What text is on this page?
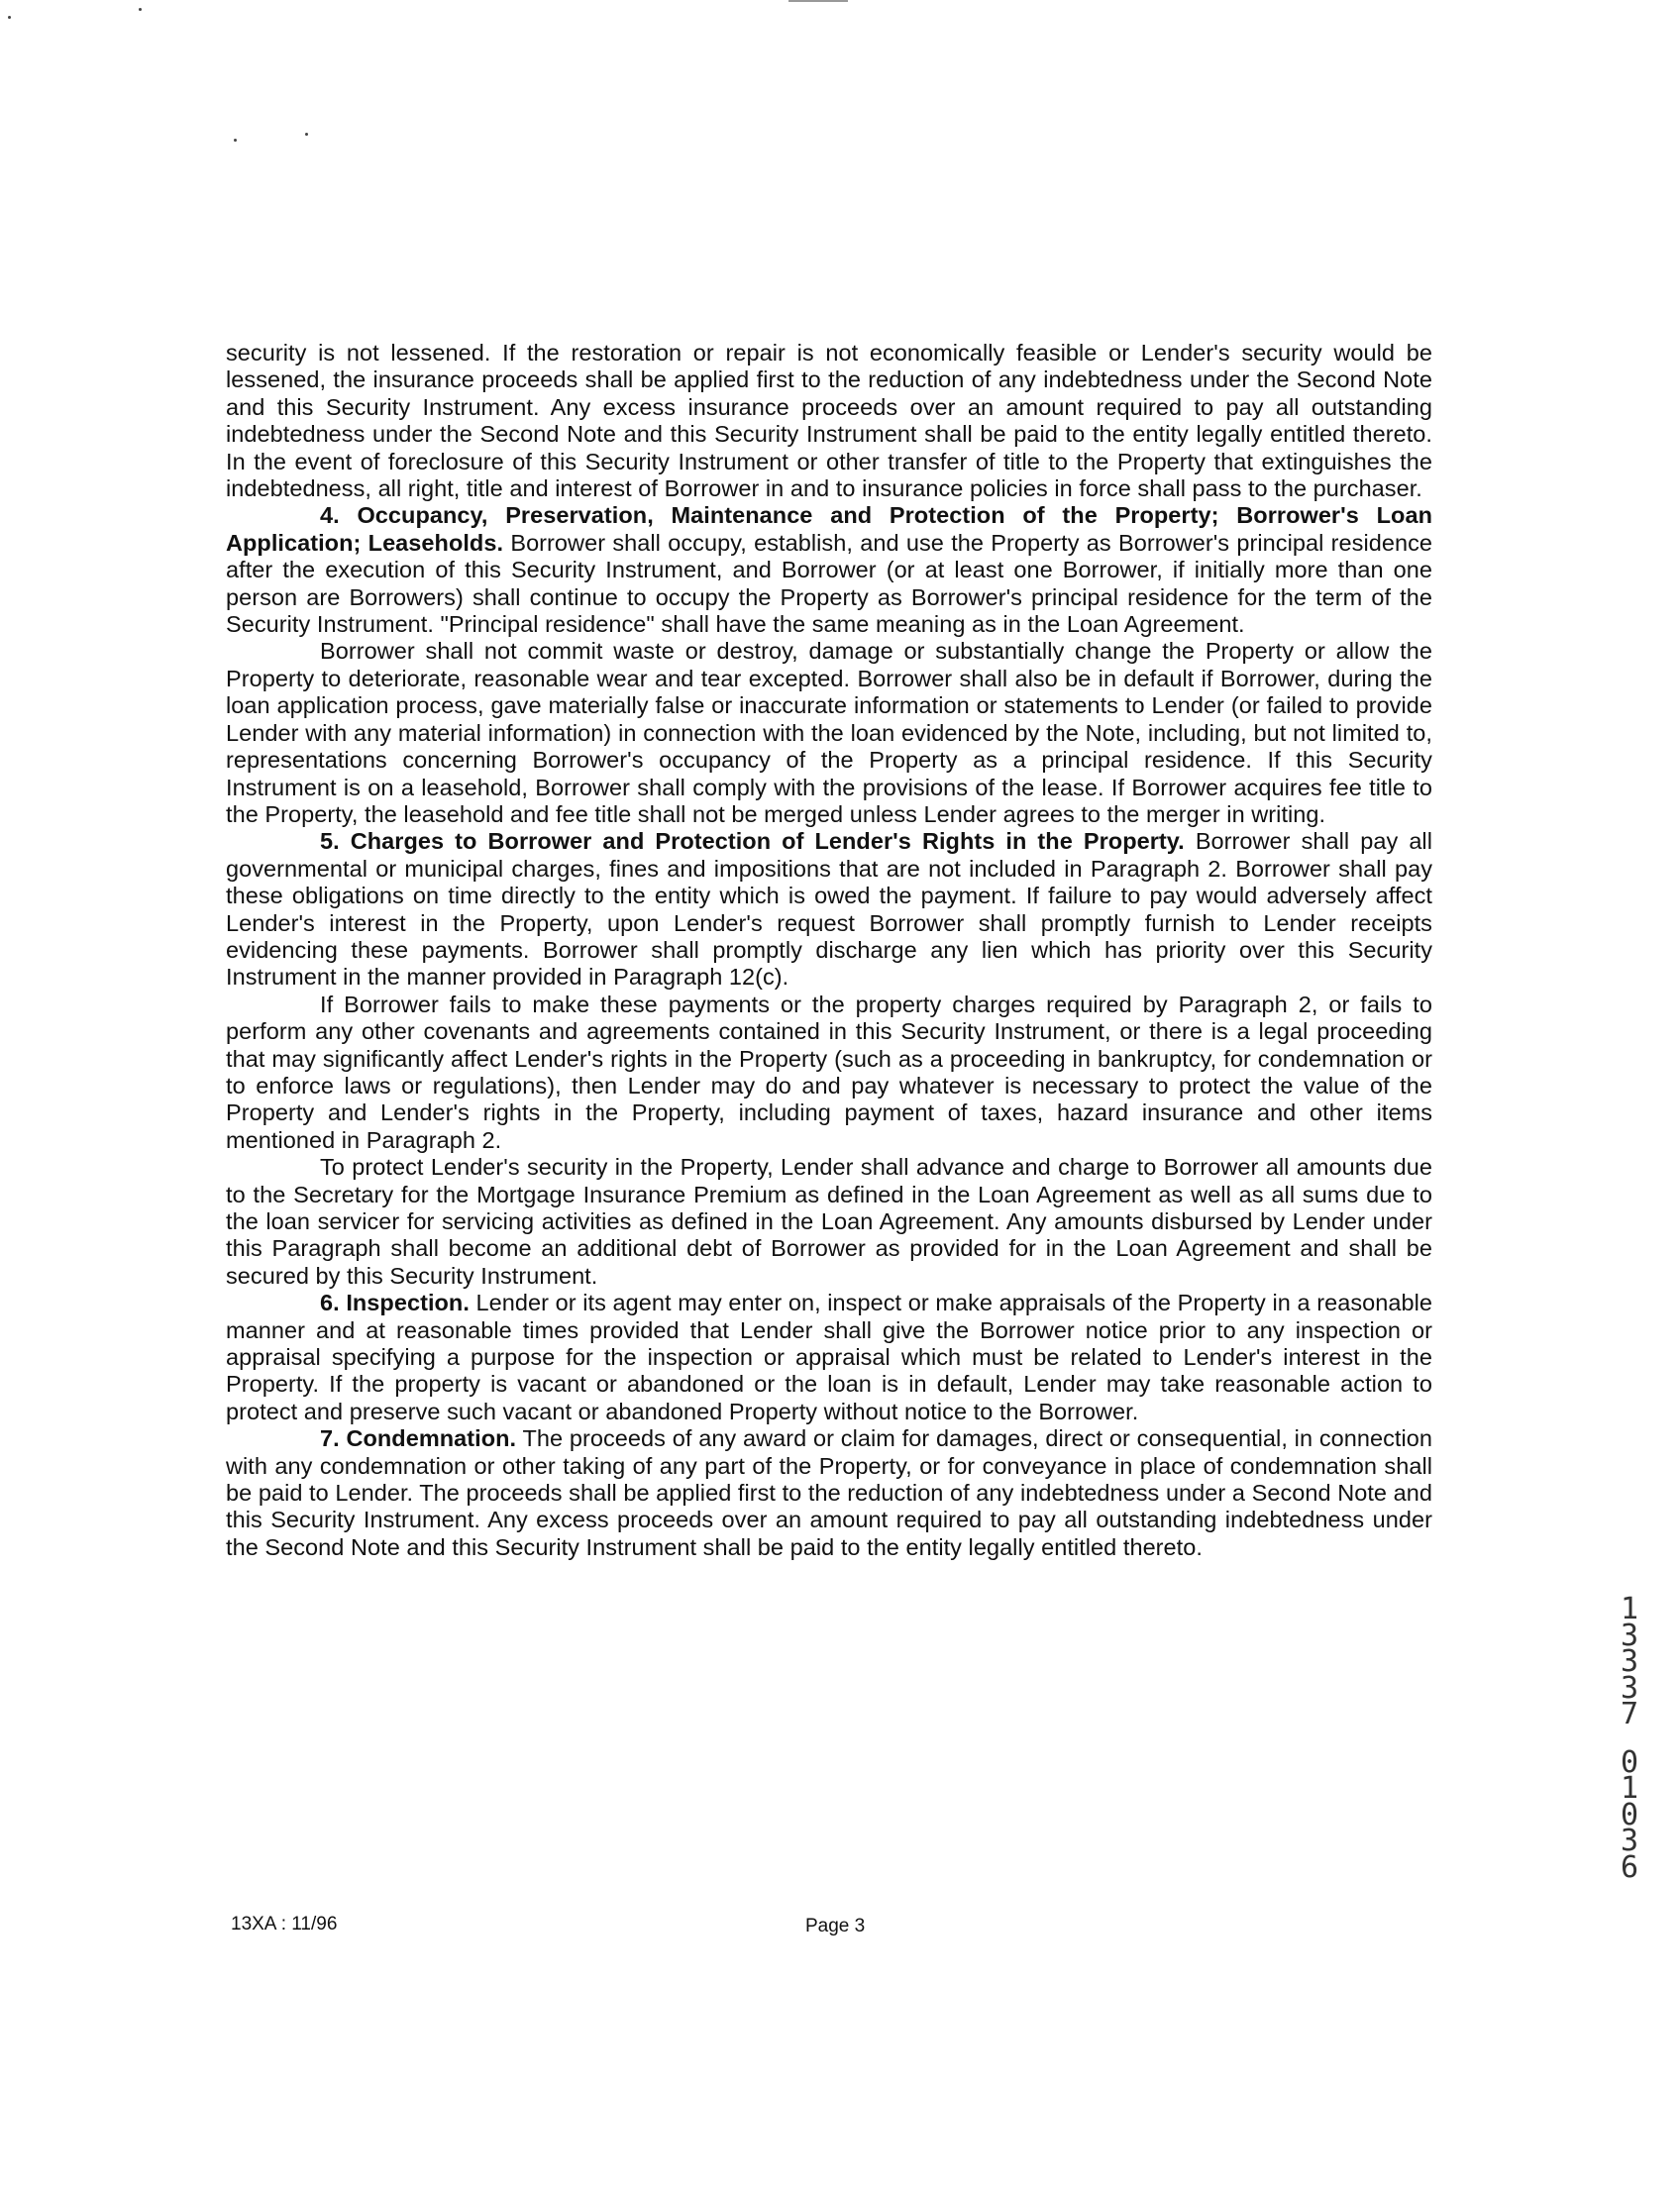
security is not lessened. If the restoration or repair is not economically feasible or Lender's security would be lessened, the insurance proceeds shall be applied first to the reduction of any indebtedness under the Second Note and this Security Instrument. Any excess insurance proceeds over an amount required to pay all outstanding indebtedness under the Second Note and this Security Instrument shall be paid to the entity legally entitled thereto. In the event of foreclosure of this Security Instrument or other transfer of title to the Property that extinguishes the indebtedness, all right, title and interest of Borrower in and to insurance policies in force shall pass to the purchaser.

4. Occupancy, Preservation, Maintenance and Protection of the Property; Borrower's Loan Application; Leaseholds. Borrower shall occupy, establish, and use the Property as Borrower's principal residence after the execution of this Security Instrument, and Borrower (or at least one Borrower, if initially more than one person are Borrowers) shall continue to occupy the Property as Borrower's principal residence for the term of the Security Instrument. "Principal residence" shall have the same meaning as in the Loan Agreement.

Borrower shall not commit waste or destroy, damage or substantially change the Property or allow the Property to deteriorate, reasonable wear and tear excepted. Borrower shall also be in default if Borrower, during the loan application process, gave materially false or inaccurate information or statements to Lender (or failed to provide Lender with any material information) in connection with the loan evidenced by the Note, including, but not limited to, representations concerning Borrower's occupancy of the Property as a principal residence. If this Security Instrument is on a leasehold, Borrower shall comply with the provisions of the lease. If Borrower acquires fee title to the Property, the leasehold and fee title shall not be merged unless Lender agrees to the merger in writing.

5. Charges to Borrower and Protection of Lender's Rights in the Property. Borrower shall pay all governmental or municipal charges, fines and impositions that are not included in Paragraph 2. Borrower shall pay these obligations on time directly to the entity which is owed the payment. If failure to pay would adversely affect Lender's interest in the Property, upon Lender's request Borrower shall promptly furnish to Lender receipts evidencing these payments. Borrower shall promptly discharge any lien which has priority over this Security Instrument in the manner provided in Paragraph 12(c).

If Borrower fails to make these payments or the property charges required by Paragraph 2, or fails to perform any other covenants and agreements contained in this Security Instrument, or there is a legal proceeding that may significantly affect Lender's rights in the Property (such as a proceeding in bankruptcy, for condemnation or to enforce laws or regulations), then Lender may do and pay whatever is necessary to protect the value of the Property and Lender's rights in the Property, including payment of taxes, hazard insurance and other items mentioned in Paragraph 2.

To protect Lender's security in the Property, Lender shall advance and charge to Borrower all amounts due to the Secretary for the Mortgage Insurance Premium as defined in the Loan Agreement as well as all sums due to the loan servicer for servicing activities as defined in the Loan Agreement. Any amounts disbursed by Lender under this Paragraph shall become an additional debt of Borrower as provided for in the Loan Agreement and shall be secured by this Security Instrument.

6. Inspection. Lender or its agent may enter on, inspect or make appraisals of the Property in a reasonable manner and at reasonable times provided that Lender shall give the Borrower notice prior to any inspection or appraisal specifying a purpose for the inspection or appraisal which must be related to Lender's interest in the Property. If the property is vacant or abandoned or the loan is in default, Lender may take reasonable action to protect and preserve such vacant or abandoned Property without notice to the Borrower.

7. Condemnation. The proceeds of any award or claim for damages, direct or consequential, in connection with any condemnation or other taking of any part of the Property, or for conveyance in place of condemnation shall be paid to Lender. The proceeds shall be applied first to the reduction of any indebtedness under a Second Note and this Security Instrument. Any excess proceeds over an amount required to pay all outstanding indebtedness under the Second Note and this Security Instrument shall be paid to the entity legally entitled thereto.

13XA : 11/96	Page 3
1
3
3
3
7
0
1
0
3
6
